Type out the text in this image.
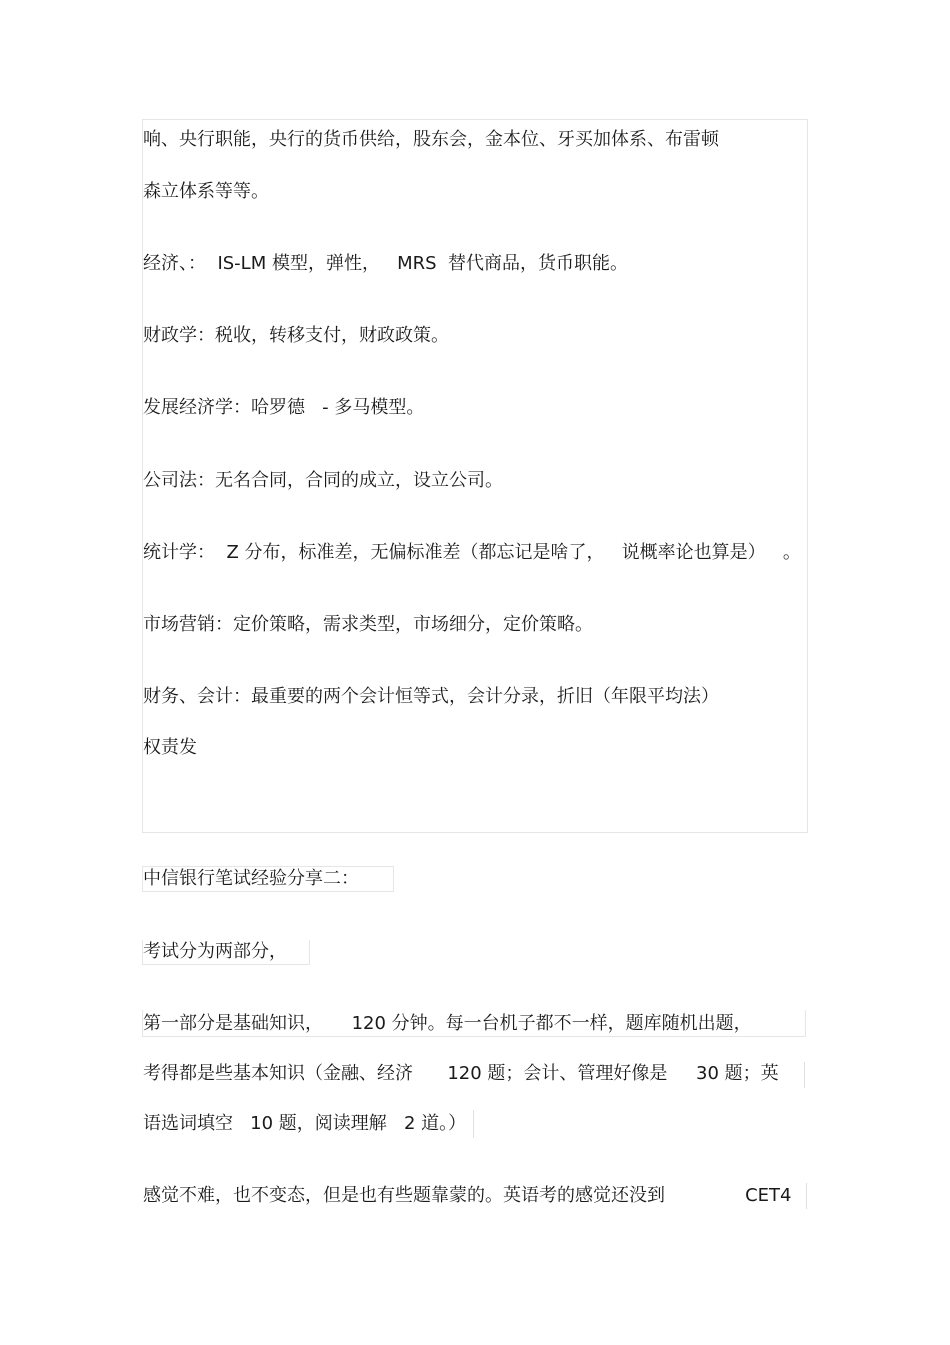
响、央行职能，央行的货币供给，股东会，金本位、牙买加体系、布雷顿

森立体系等等。

经济、：  IS-LM 模型，弹性，   MRS  替代商品，货币职能。

财政学：税收，转移支付，财政政策。

发展经济学：哈罗德   - 多马模型。

公司法：无名合同，合同的成立，设立公司。

统计学：  Z 分布，标准差，无偏标准差（都忘记是啥了，   说概率论也算是）   。

市场营销：定价策略，需求类型，市场细分，定价策略。

财务、会计：最重要的两个会计恒等式，会计分录，折旧（年限平均法）

权责发

中信银行笔试经验分享二：

考试分为两部分，

第一部分是基础知识，     120 分钟。每一台机子都不一样，题库随机出题，

考得都是些基本知识（金融、经济      120 题；会计、管理好像是     30 题；英

语选词填空   10 题，阅读理解   2 道。）

感觉不难，也不变态，但是也有些题靠蒙的。英语考的感觉还没到              CET4
